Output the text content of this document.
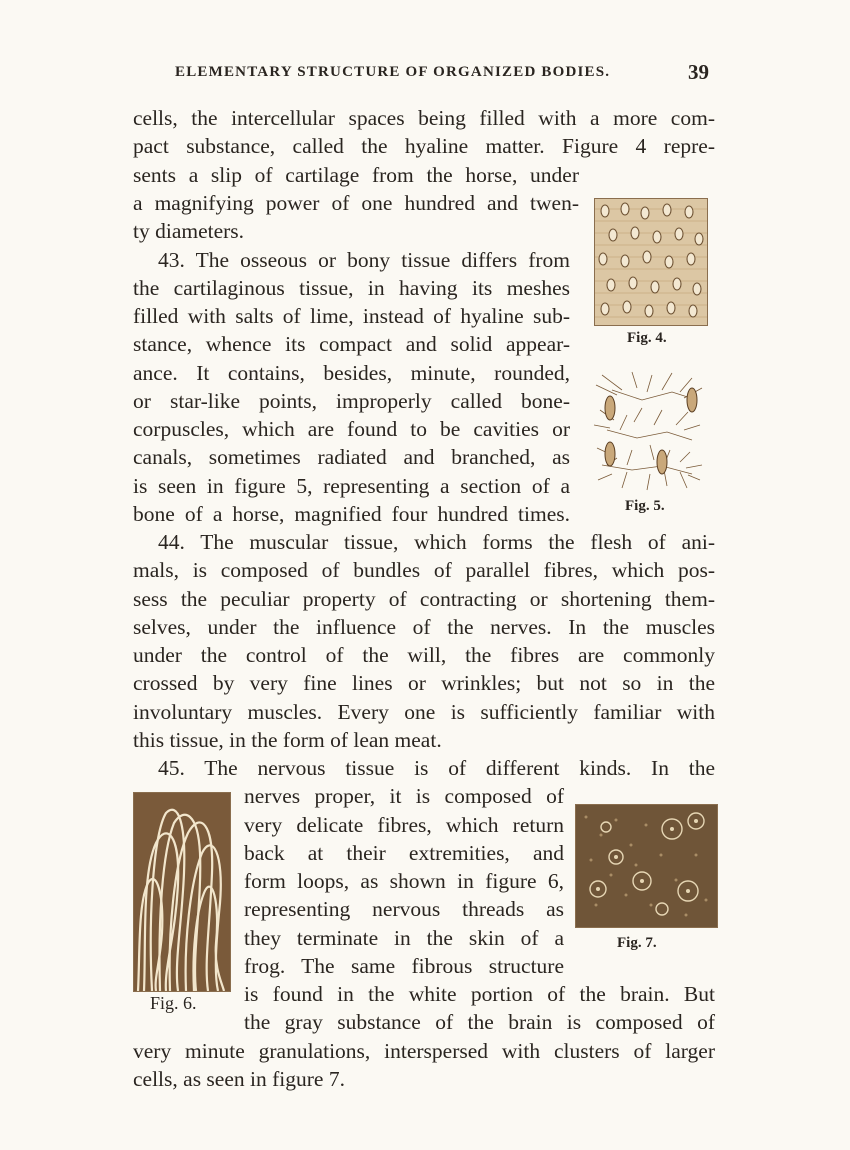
ELEMENTARY STRUCTURE OF ORGANIZED BODIES.	39
cells, the intercellular spaces being filled with a more com-
pact substance, called the hyaline matter. Figure 4 repre-
sents a slip of cartilage from the horse, under
a magnifying power of one hundred and twen-
ty diameters.
43. The osseous or bony tissue differs from
the cartilaginous tissue, in having its meshes
filled with salts of lime, instead of hyaline sub-
stance, whence its compact and solid appear-
ance. It contains, besides, minute, rounded,
or star-like points, improperly called bone-
corpuscles, which are found to be cavities or
canals, sometimes radiated and branched, as
is seen in figure 5, representing a section of a
bone of a horse, magnified four hundred times.
44. The muscular tissue, which forms the flesh of ani-
mals, is composed of bundles of parallel fibres, which pos-
sess the peculiar property of contracting or shortening them-
selves, under the influence of the nerves. In the muscles
under the control of the will, the fibres are commonly
crossed by very fine lines or wrinkles; but not so in the
involuntary muscles. Every one is sufficiently familiar with
this tissue, in the form of lean meat.
45. The nervous tissue is of different kinds. In the
nerves proper, it is composed of
very delicate fibres, which return
back at their extremities, and
form loops, as shown in figure 6,
representing nervous threads as
they terminate in the skin of a
frog. The same fibrous structure
is found in the white portion of the brain. But
the gray substance of the brain is composed of
very minute granulations, interspersed with clusters of larger
cells, as seen in figure 7.
Fig. 4.
Fig. 5.
Fig. 6.
Fig. 7.
